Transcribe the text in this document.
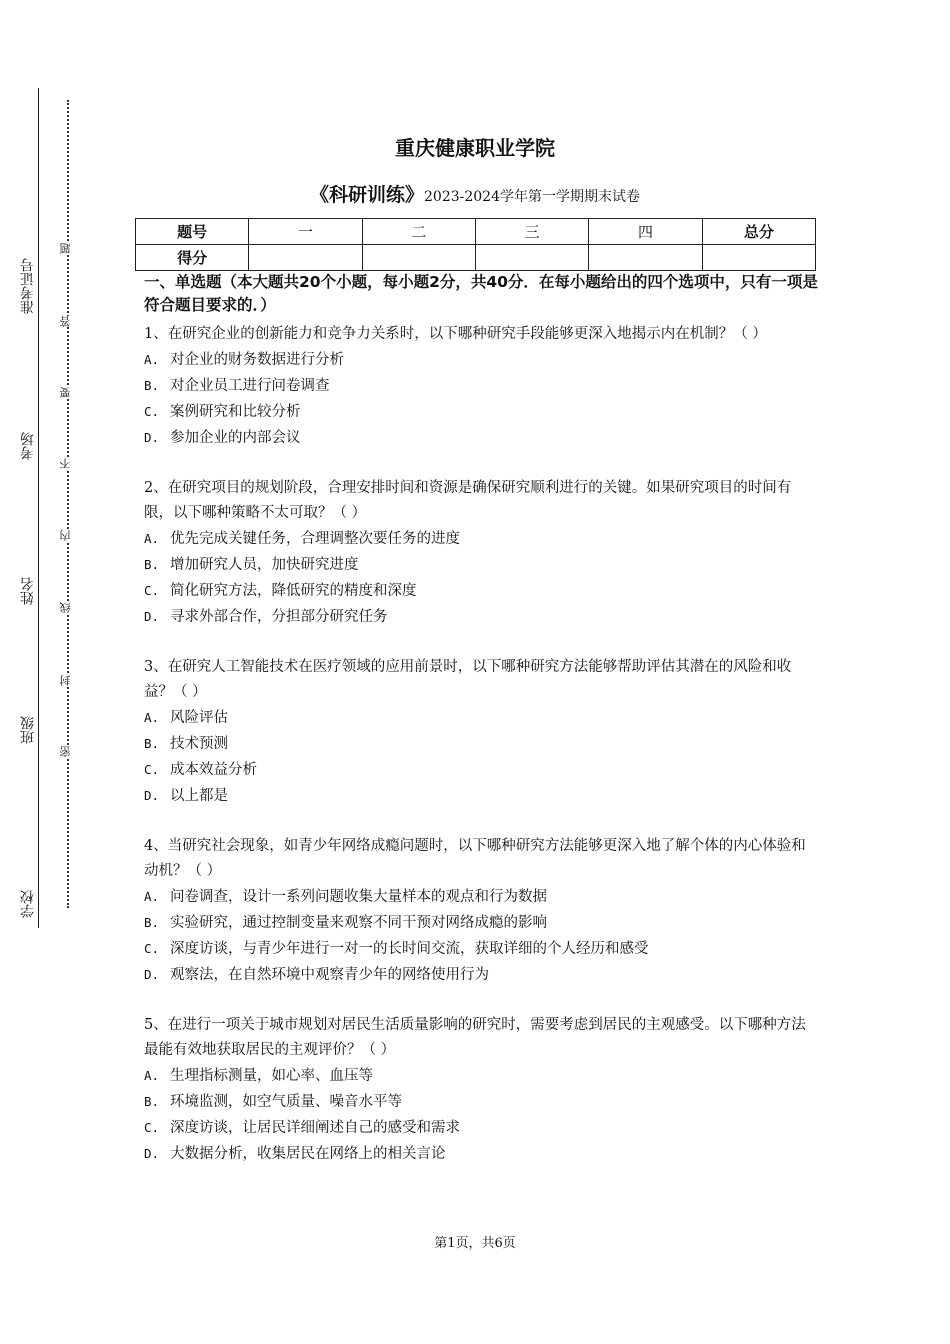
准考证号
考场
姓名
班级
学校
题
答
要
不
内
线
封
密
重庆健康职业学院
《科研训练》2023-2024学年第一学期期末试卷
题号	一	二	三	四	总分
得分					
一、单选题（本大题共20个小题，每小题2分，共40分．在每小题给出的四个选项中，只有一项是符合题目要求的．）
1、在研究企业的创新能力和竞争力关系时，以下哪种研究手段能够更深入地揭示内在机制？（ ）
A. 对企业的财务数据进行分析
B. 对企业员工进行问卷调查
C. 案例研究和比较分析
D. 参加企业的内部会议
2、在研究项目的规划阶段，合理安排时间和资源是确保研究顺利进行的关键。如果研究项目的时间有限，以下哪种策略不太可取？（ ）
A. 优先完成关键任务，合理调整次要任务的进度
B. 增加研究人员，加快研究进度
C. 简化研究方法，降低研究的精度和深度
D. 寻求外部合作，分担部分研究任务
3、在研究人工智能技术在医疗领域的应用前景时，以下哪种研究方法能够帮助评估其潜在的风险和收益？（ ）
A. 风险评估
B. 技术预测
C. 成本效益分析
D. 以上都是
4、当研究社会现象，如青少年网络成瘾问题时，以下哪种研究方法能够更深入地了解个体的内心体验和动机？（ ）
A. 问卷调查，设计一系列问题收集大量样本的观点和行为数据
B. 实验研究，通过控制变量来观察不同干预对网络成瘾的影响
C. 深度访谈，与青少年进行一对一的长时间交流，获取详细的个人经历和感受
D. 观察法，在自然环境中观察青少年的网络使用行为
5、在进行一项关于城市规划对居民生活质量影响的研究时，需要考虑到居民的主观感受。以下哪种方法最能有效地获取居民的主观评价？（ ）
A. 生理指标测量，如心率、血压等
B. 环境监测，如空气质量、噪音水平等
C. 深度访谈，让居民详细阐述自己的感受和需求
D. 大数据分析，收集居民在网络上的相关言论
第1页，共6页
